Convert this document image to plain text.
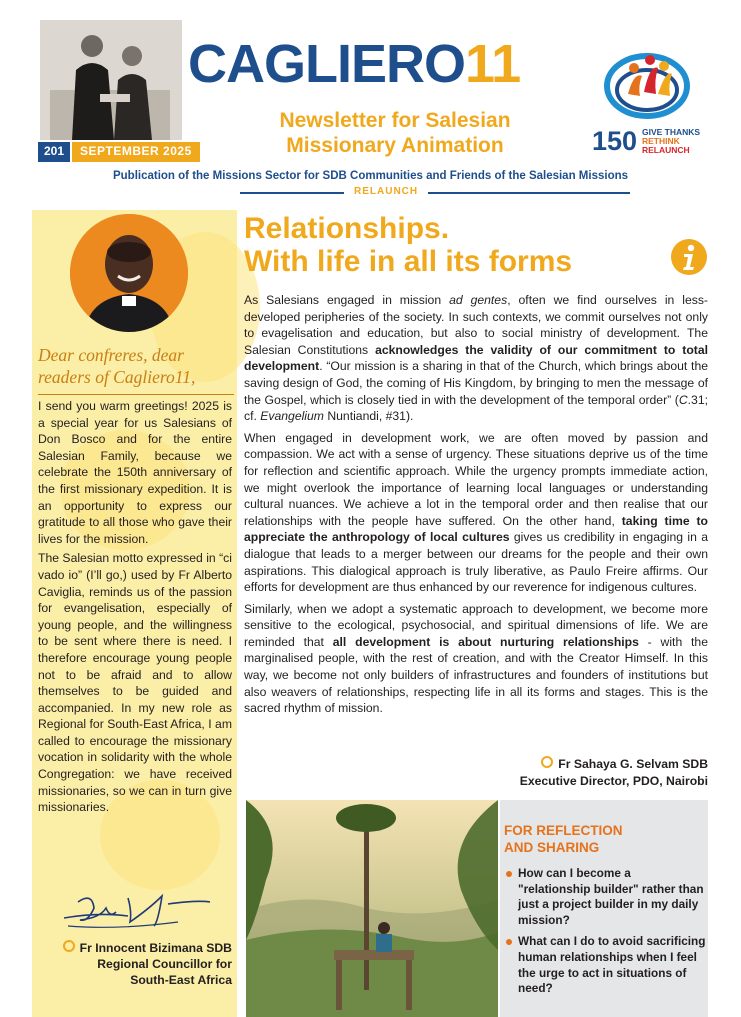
201	SEPTEMBER 2025
CAGLIERO11
Newsletter for Salesian
Missionary Animation	150 GIVE THANKS
RETHINK
RELAUNCH
Publication of the Missions Sector for SDB Communities and Friends of the Salesian Missions
RELAUNCH
Dear confreres, dear readers of Cagliero11,

I send you warm greetings! 2025 is a special year for us Salesians of Don Bosco and for the entire Salesian Family, because we celebrate the 150th anniversary of the first missionary expedition. It is an opportunity to express our gratitude to all those who gave their lives for the mission.

The Salesian motto expressed in “ci vado io” (I’ll go,) used by Fr Alberto Caviglia, reminds us of the passion for evangelisation, especially of young people, and the willingness to be sent where there is need. I therefore encourage young people not to be afraid and to allow themselves to be guided and accompanied. In my new role as Regional for South-East Africa, I am called to encourage the missionary vocation in solidarity with the whole Congregation: we have received missionaries, so we can in turn give missionaries.

Fr Innocent Bizimana SDB
Regional Councillor for
South-East Africa
Relationships.
With life in all its forms

As Salesians engaged in mission ad gentes, often we find ourselves in less-developed peripheries of the society. In such contexts, we commit ourselves not only to evagelisation and education, but also to social ministry of development. The Salesian Constitutions acknowledges the validity of our commitment to total development. “Our mission is a sharing in that of the Church, which brings about the saving design of God, the coming of His Kingdom, by bringing to men the message of the Gospel, which is closely tied in with the development of the temporal order” (C.31; cf. Evangelium Nuntiandi, #31).

When engaged in development work, we are often moved by passion and compassion. We act with a sense of urgency. These situations deprive us of the time for reflection and scientific approach. While the urgency prompts immediate action, we might overlook the importance of learning local languages or understanding cultural nuances. We achieve a lot in the temporal order and then realise that our relationships with the people have suffered. On the other hand, taking time to appreciate the anthropology of local cultures gives us credibility in engaging in a dialogue that leads to a merger between our dreams for the people and their own aspirations. This dialogical approach is truly liberative, as Paulo Freire affirms. Our efforts for development are thus enhanced by our reverence for indigenous cultures.

Similarly, when we adopt a systematic approach to development, we become more sensitive to the ecological, psychosocial, and spiritual dimensions of life. We are reminded that all development is about nurturing relationships - with the marginalised people, with the rest of creation, and with the Creator Himself. In this way, we become not only builders of infrastructures and founders of institutions but also weavers of relationships, respecting life in all its forms and stages. This is the sacred rhythm of mission.

Fr Sahaya G. Selvam SDB
Executive Director, PDO, Nairobi
FOR REFLECTION
AND SHARING
How can I become a "relationship builder" rather than just a project builder in my daily mission?
What can I do to avoid sacrificing human relationships when I feel the urge to act in situations of need?
